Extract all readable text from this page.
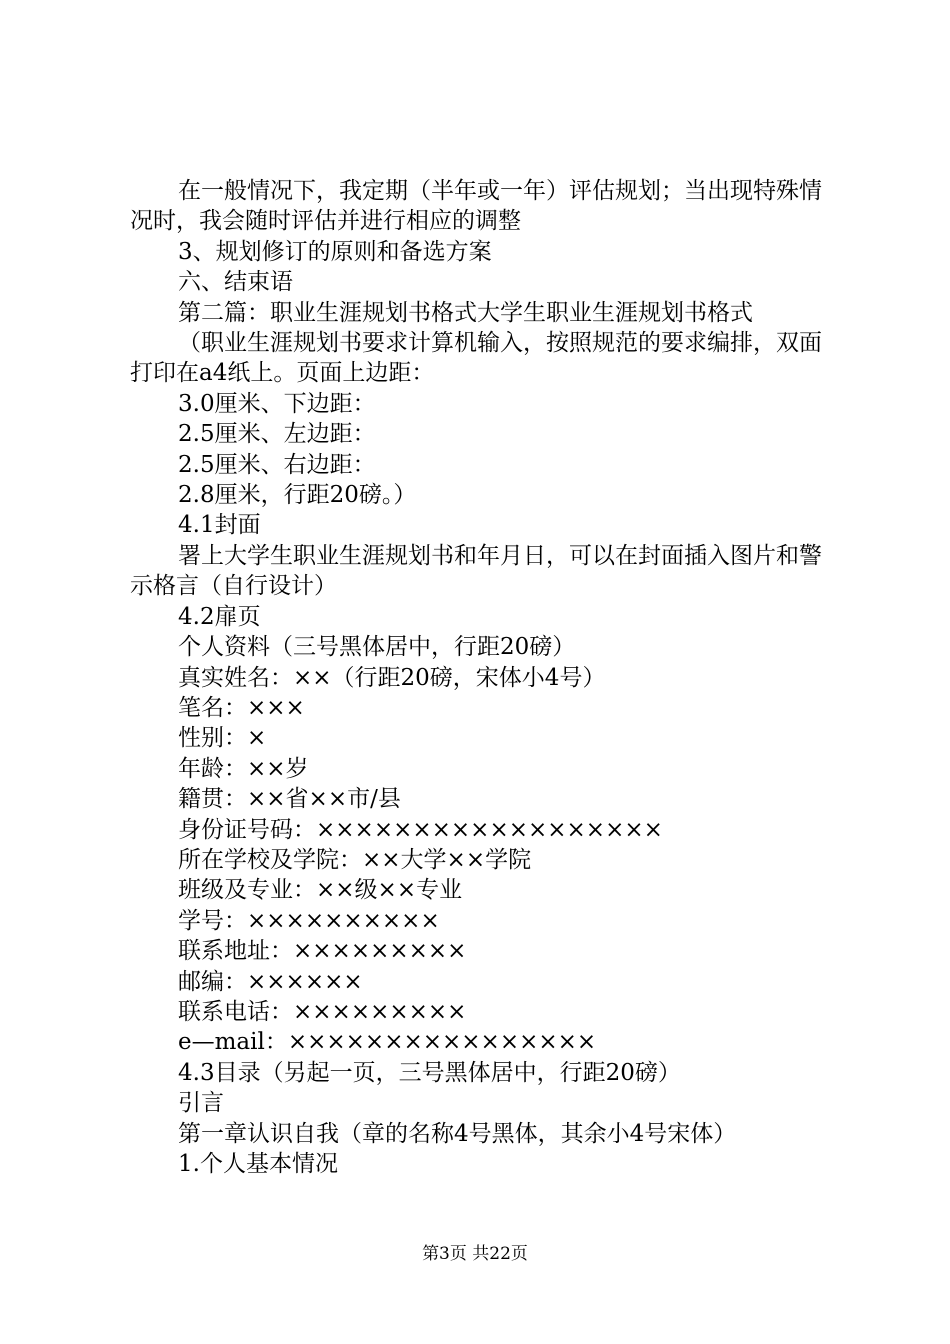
在一般情况下，我定期（半年或一年）评估规划；当出现特殊情况时，我会随时评估并进行相应的调整

3、规划修订的原则和备选方案

六、结束语

第二篇：职业生涯规划书格式大学生职业生涯规划书格式

（职业生涯规划书要求计算机输入，按照规范的要求编排，双面打印在a4纸上。页面上边距：

3.0厘米、下边距：

2.5厘米、左边距：

2.5厘米、右边距：

2.8厘米，行距20磅。）

4.1封面

署上大学生职业生涯规划书和年月日，可以在封面插入图片和警示格言（自行设计）

4.2扉页

个人资料（三号黑体居中，行距20磅）

真实姓名：××（行距20磅，宋体小4号）

笔名：×××

性别：×

年龄：××岁

籍贯：××省××市/县

身份证号码：××××××××××××××××××

所在学校及学院：××大学××学院

班级及专业：××级××专业

学号：××××××××××

联系地址：×××××××××

邮编：××××××

联系电话：×××××××××

e—mail：××××××××××××××××

4.3目录（另起一页，三号黑体居中，行距20磅）

引言

第一章认识自我（章的名称4号黑体，其余小4号宋体）

1.个人基本情况

第3页 共22页
